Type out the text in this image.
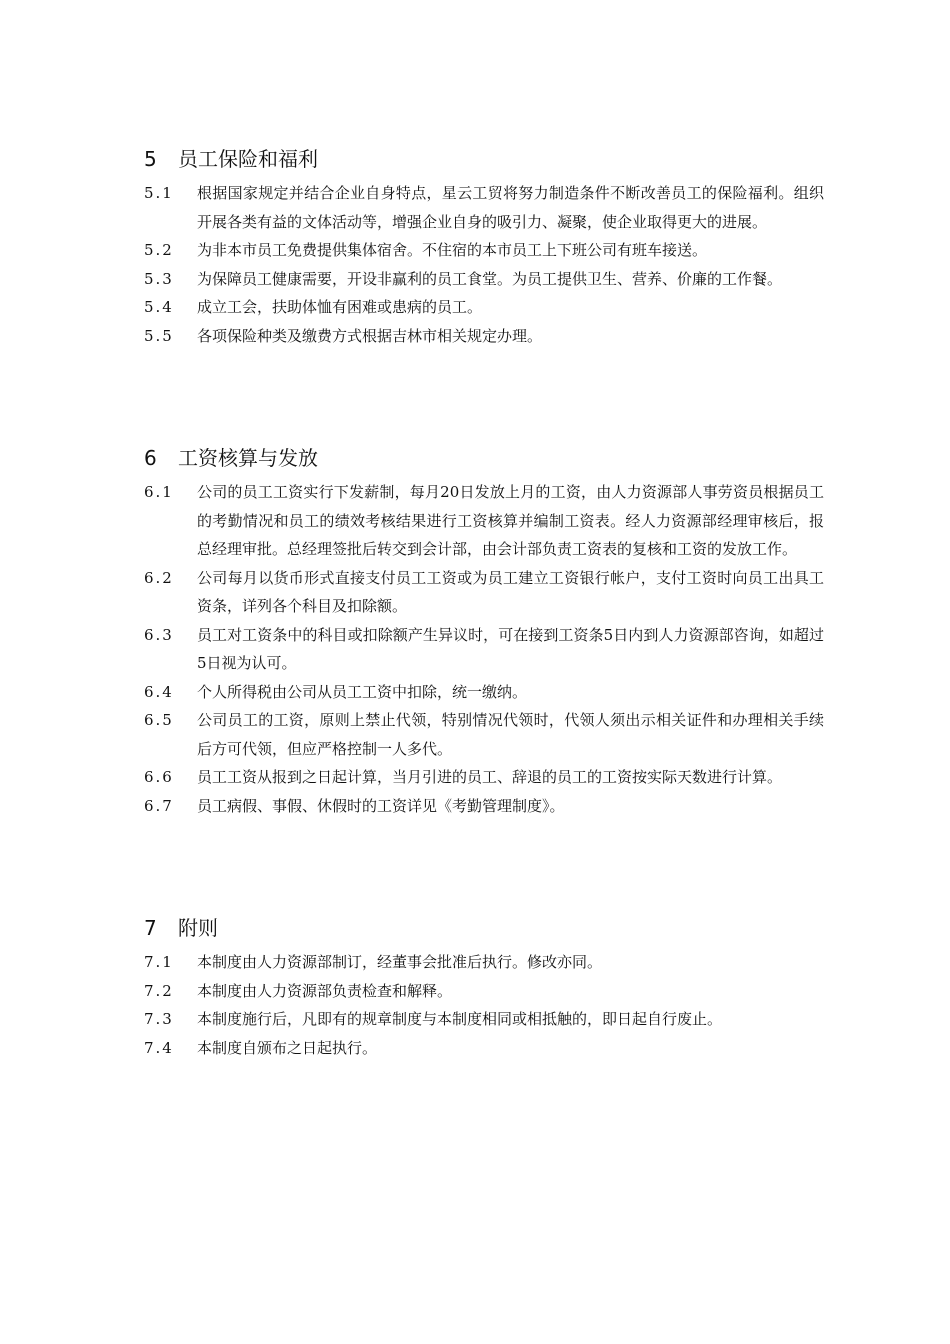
5	员工保险和福利
5.1	根据国家规定并结合企业自身特点，星云工贸将努力制造条件不断改善员工的保险福利。组织开展各类有益的文体活动等，增强企业自身的吸引力、凝聚，使企业取得更大的进展。
5.2	为非本市员工免费提供集体宿舍。不住宿的本市员工上下班公司有班车接送。
5.3	为保障员工健康需要，开设非赢利的员工食堂。为员工提供卫生、营养、价廉的工作餐。
5.4	成立工会，扶助体恤有困难或患病的员工。
5.5	各项保险种类及缴费方式根据吉林市相关规定办理。
6	工资核算与发放
6.1	公司的员工工资实行下发薪制，每月20日发放上月的工资，由人力资源部人事劳资员根据员工的考勤情况和员工的绩效考核结果进行工资核算并编制工资表。经人力资源部经理审核后，报总经理审批。总经理签批后转交到会计部，由会计部负责工资表的复核和工资的发放工作。
6.2	公司每月以货币形式直接支付员工工资或为员工建立工资银行帐户，支付工资时向员工出具工资条，详列各个科目及扣除额。
6.3	员工对工资条中的科目或扣除额产生异议时，可在接到工资条5日内到人力资源部咨询，如超过5日视为认可。
6.4	个人所得税由公司从员工工资中扣除，统一缴纳。
6.5	公司员工的工资，原则上禁止代领，特别情况代领时，代领人须出示相关证件和办理相关手续后方可代领，但应严格控制一人多代。
6.6	员工工资从报到之日起计算，当月引进的员工、辞退的员工的工资按实际天数进行计算。
6.7	员工病假、事假、休假时的工资详见《考勤管理制度》。
7	附则
7.1	本制度由人力资源部制订，经董事会批准后执行。修改亦同。
7.2	本制度由人力资源部负责检查和解释。
7.3	本制度施行后，凡即有的规章制度与本制度相同或相抵触的，即日起自行废止。
7.4	本制度自颁布之日起执行。
